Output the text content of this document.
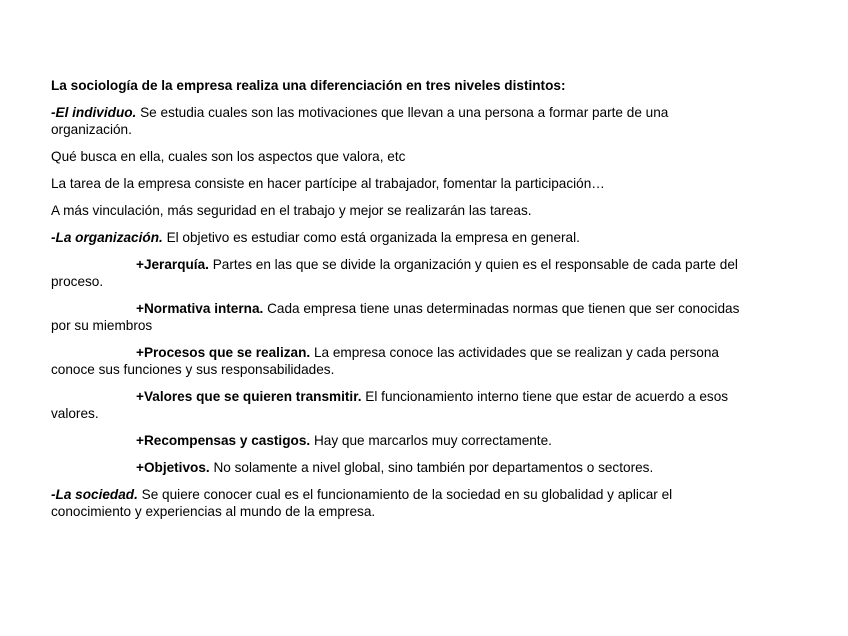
La sociología de la empresa realiza una diferenciación en tres niveles distintos:

-El individuo. Se estudia cuales son las motivaciones que llevan a una persona a formar parte de una organización.

Qué busca en ella, cuales son los aspectos que valora, etc

La tarea de la empresa consiste en hacer partícipe al trabajador, fomentar la participación…

A más vinculación, más seguridad en el trabajo y mejor se realizarán las tareas.

-La organización. El objetivo es estudiar como está organizada la empresa en general.

+Jerarquía. Partes en las que se divide la organización y quien es el responsable de cada parte del proceso.

+Normativa interna. Cada empresa tiene unas determinadas normas que tienen que ser conocidas por su miembros

+Procesos que se realizan. La empresa conoce las actividades que se realizan y cada persona conoce sus funciones y sus responsabilidades.

+Valores que se quieren transmitir. El funcionamiento interno tiene que estar de acuerdo a esos valores.

+Recompensas y castigos. Hay que marcarlos muy correctamente.

+Objetivos. No solamente a nivel global, sino también por departamentos o sectores.

-La sociedad. Se quiere conocer cual es el funcionamiento de la sociedad en su globalidad y aplicar el conocimiento y experiencias al mundo de la empresa.
